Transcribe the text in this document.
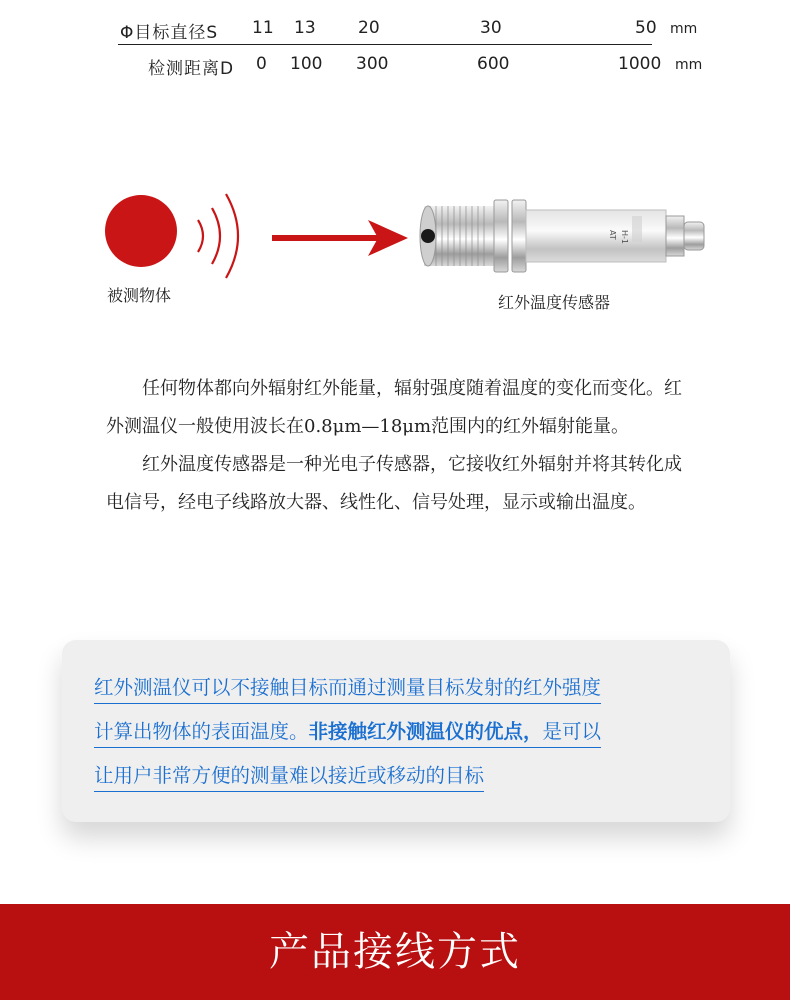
Φ目标直径S 11 13 20	30	50 mm
检测距离D 0 100 300	600	1000 mm
AT H-1
被测物体	红外温度传感器

任何物体都向外辐射红外能量，辐射强度随着温度的变化而变化。红外测温仪一般使用波长在0.8μm—18μm范围内的红外辐射能量。

红外温度传感器是一种光电子传感器，它接收红外辐射并将其转化成电信号，经电子线路放大器、线性化、信号处理，显示或输出温度。

红外测温仪可以不接触目标而通过测量目标发射的红外强度
计算出物体的表面温度。非接触红外测温仪的优点，是可以
让用户非常方便的测量难以接近或移动的目标
产品接线方式
